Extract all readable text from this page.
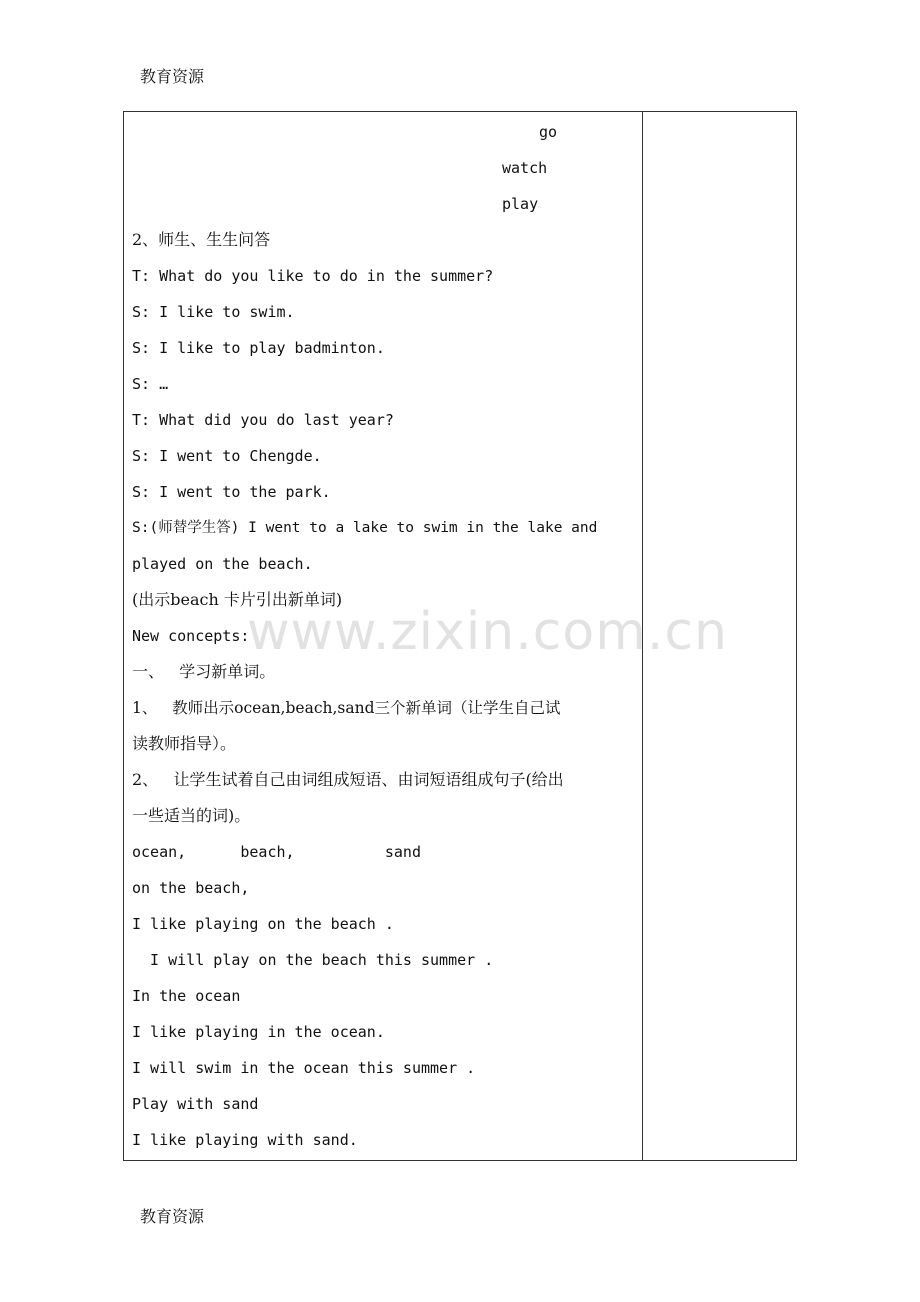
教育资源
go
watch
play
2、师生、生生问答
T: What do you like to do in the summer?
S: I like to swim.
S: I like to play badminton.
S: …
T: What did you do last year?
S: I went to Chengde.
S: I went to the park.
S:(师替学生答) I went to a lake to swim in the lake and
played on the beach.
(出示beach 卡片引出新单词)
New concepts:
一、   学习新单词。
1、   教师出示ocean,beach,sand三个新单词（让学生自己试
读教师指导）。
2、   让学生试着自己由词组成短语、由词短语组成句子(给出
一些适当的词)。
ocean,      beach,          sand
on the beach,
I like playing on the beach .
I will play on the beach this summer .
In the ocean
I like playing in the ocean.
I will swim in the ocean this summer .
Play with sand
I like playing with sand.
www.zixin.com.cn
教育资源
